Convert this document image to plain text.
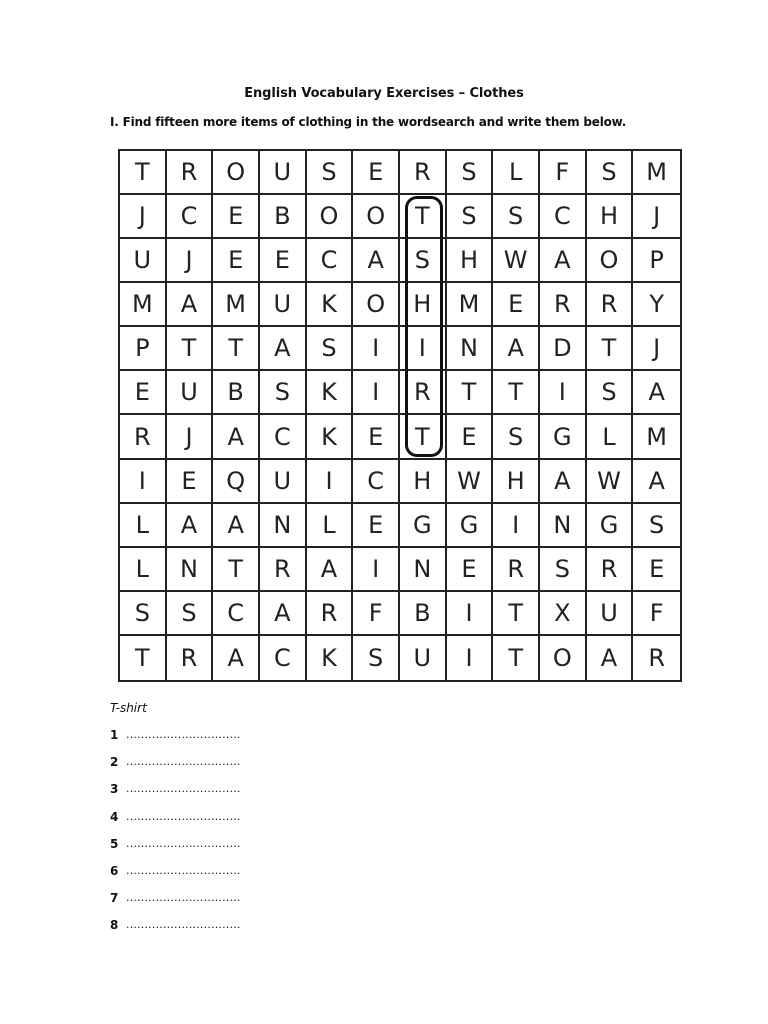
English Vocabulary Exercises – Clothes
I. Find fifteen more items of clothing in the wordsearch and write them below.
T	R	O	U	S	E	R	S	L	F	S	M
J	C	E	B	O	O	T	S	S	C	H	J
U	J	E	E	C	A	S	H	W	A	O	P
M	A	M	U	K	O	H	M	E	R	R	Y
P	T	T	A	S	I	I	N	A	D	T	J
E	U	B	S	K	I	R	T	T	I	S	A
R	J	A	C	K	E	T	E	S	G	L	M
I	E	Q	U	I	C	H	W	H	A	W	A
L	A	A	N	L	E	G	G	I	N	G	S
L	N	T	R	A	I	N	E	R	S	R	E
S	S	C	A	R	F	B	I	T	X	U	F
T	R	A	C	K	S	U	I	T	O	A	R
T-shirt
1 ...............................
2 ...............................
3 ...............................
4 ...............................
5 ...............................
6 ...............................
7 ...............................
8 ...............................
